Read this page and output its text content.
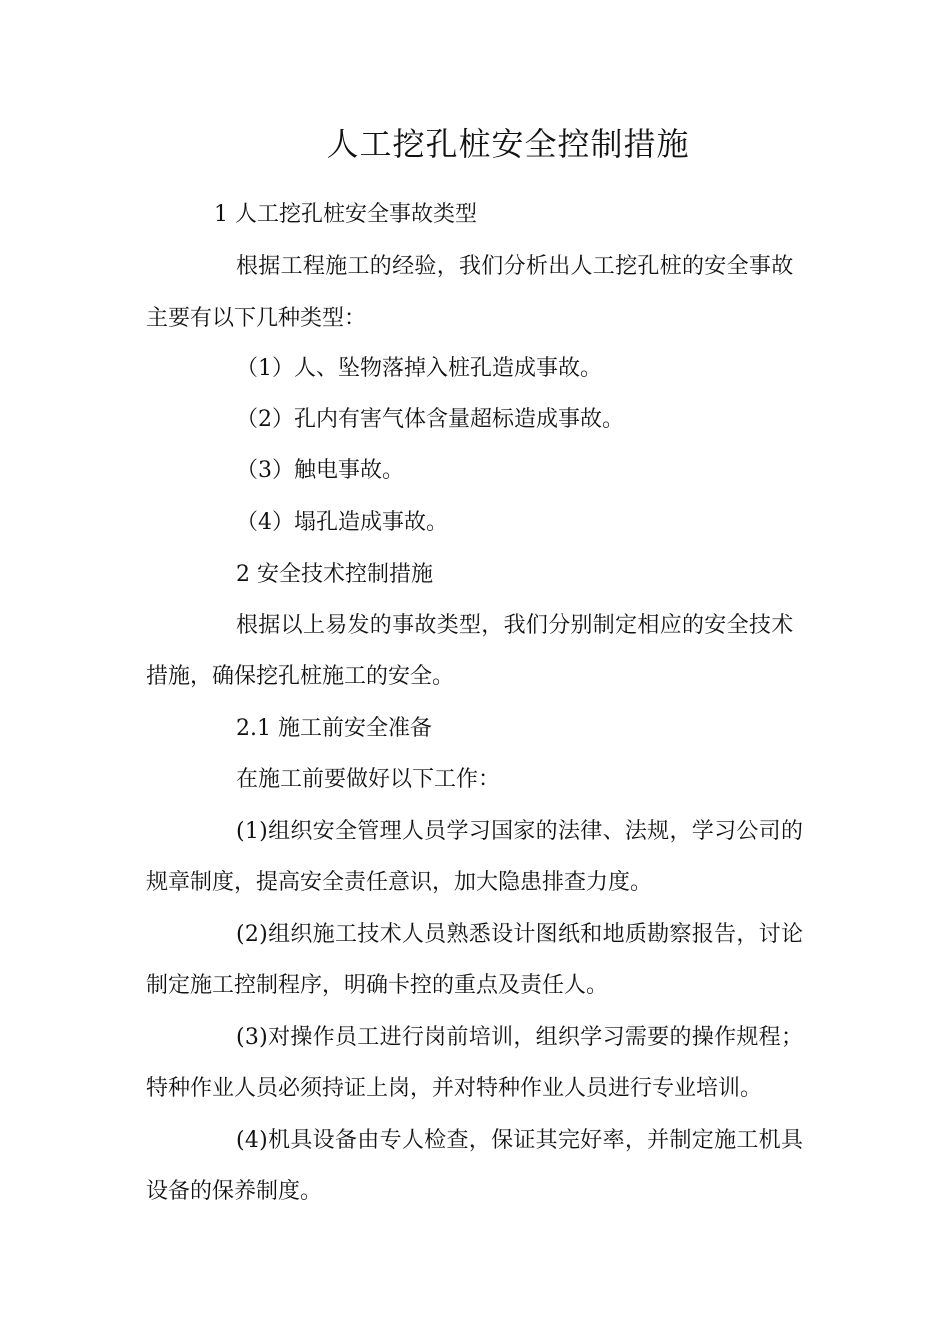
人工挖孔桩安全控制措施
1 人工挖孔桩安全事故类型
根据工程施工的经验，我们分析出人工挖孔桩的安全事故
主要有以下几种类型：
（1）人、坠物落掉入桩孔造成事故。
（2）孔内有害气体含量超标造成事故。
（3）触电事故。
（4）塌孔造成事故。
2 安全技术控制措施
根据以上易发的事故类型，我们分别制定相应的安全技术
措施，确保挖孔桩施工的安全。
2.1 施工前安全准备
在施工前要做好以下工作：
(1)组织安全管理人员学习国家的法律、法规，学习公司的
规章制度，提高安全责任意识，加大隐患排查力度。
(2)组织施工技术人员熟悉设计图纸和地质勘察报告，讨论
制定施工控制程序，明确卡控的重点及责任人。
(3)对操作员工进行岗前培训，组织学习需要的操作规程；
特种作业人员必须持证上岗，并对特种作业人员进行专业培训。
(4)机具设备由专人检查，保证其完好率，并制定施工机具
设备的保养制度。
